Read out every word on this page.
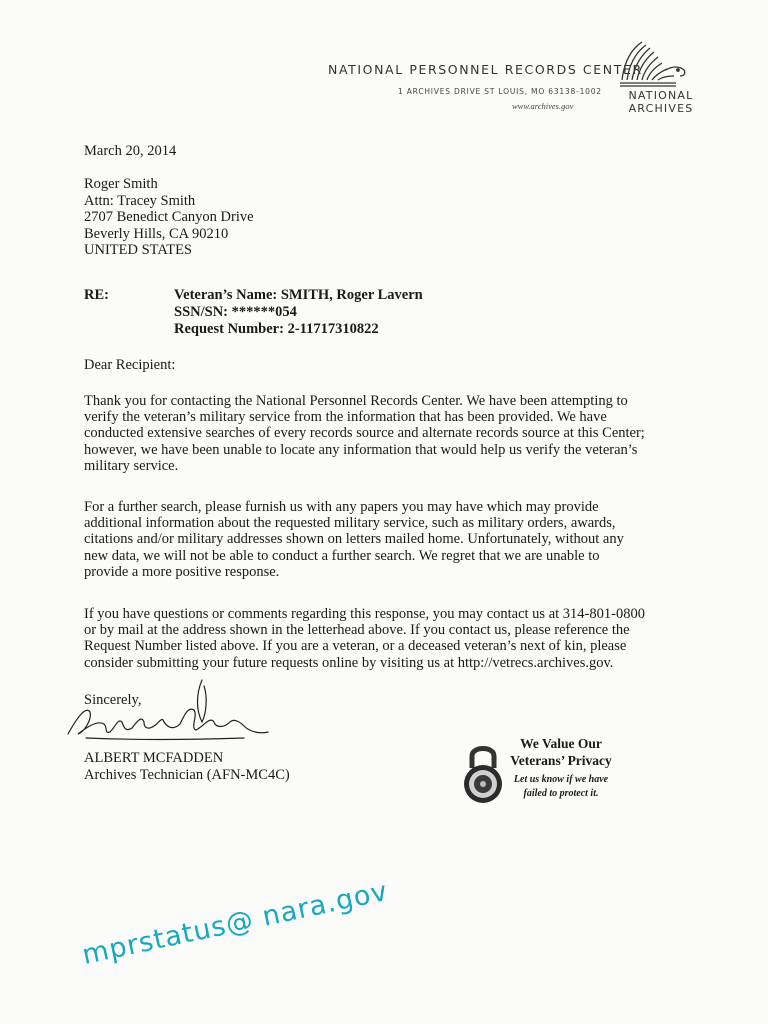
NATIONAL PERSONNEL RECORDS CENTER
1 ARCHIVES DRIVE ST LOUIS, MO 63138-1002
www.archives.gov
NATIONAL
ARCHIVES
March 20, 2014
Roger Smith
Attn: Tracey Smith
2707 Benedict Canyon Drive
Beverly Hills, CA 90210
UNITED STATES
RE:	Veteran’s Name: SMITH, Roger Lavern
SSN/SN: ******054
Request Number: 2-11717310822
Dear Recipient:
Thank you for contacting the National Personnel Records Center. We have been attempting to
verify the veteran’s military service from the information that has been provided. We have
conducted extensive searches of every records source and alternate records source at this Center;
however, we have been unable to locate any information that would help us verify the veteran’s
military service.
For a further search, please furnish us with any papers you may have which may provide
additional information about the requested military service, such as military orders, awards,
citations and/or military addresses shown on letters mailed home. Unfortunately, without any
new data, we will not be able to conduct a further search. We regret that we are unable to
provide a more positive response.
If you have questions or comments regarding this response, you may contact us at 314-801-0800
or by mail at the address shown in the letterhead above. If you contact us, please reference the
Request Number listed above. If you are a veteran, or a deceased veteran’s next of kin, please
consider submitting your future requests online by visiting us at http://vetrecs.archives.gov.
Sincerely,
ALBERT MCFADDEN
Archives Technician (AFN-MC4C)
We Value Our
Veterans’ Privacy
Let us know if we have
failed to protect it.
mprstatus@ nara.gov
